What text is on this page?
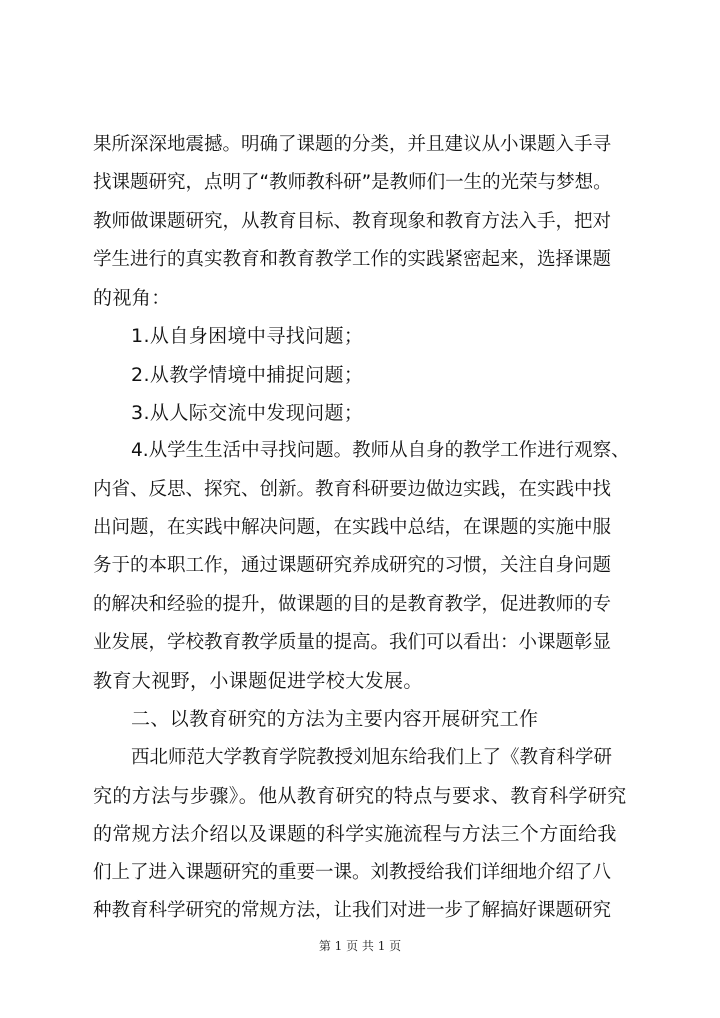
果所深深地震撼。明确了课题的分类，并且建议从小课题入手寻
找课题研究，点明了“教师教科研”是教师们一生的光荣与梦想。
教师做课题研究，从教育目标、教育现象和教育方法入手，把对
学生进行的真实教育和教育教学工作的实践紧密起来，选择课题
的视角：
1.从自身困境中寻找问题；
2.从教学情境中捕捉问题；
3.从人际交流中发现问题；
4.从学生生活中寻找问题。教师从自身的教学工作进行观察、
内省、反思、探究、创新。教育科研要边做边实践，在实践中找
出问题，在实践中解决问题，在实践中总结，在课题的实施中服
务于的本职工作，通过课题研究养成研究的习惯，关注自身问题
的解决和经验的提升，做课题的目的是教育教学，促进教师的专
业发展，学校教育教学质量的提高。我们可以看出：小课题彰显
教育大视野，小课题促进学校大发展。
二、以教育研究的方法为主要内容开展研究工作
西北师范大学教育学院教授刘旭东给我们上了《教育科学研
究的方法与步骤》。他从教育研究的特点与要求、教育科学研究
的常规方法介绍以及课题的科学实施流程与方法三个方面给我
们上了进入课题研究的重要一课。刘教授给我们详细地介绍了八
种教育科学研究的常规方法，让我们对进一步了解搞好课题研究
第 1 页 共 1 页
